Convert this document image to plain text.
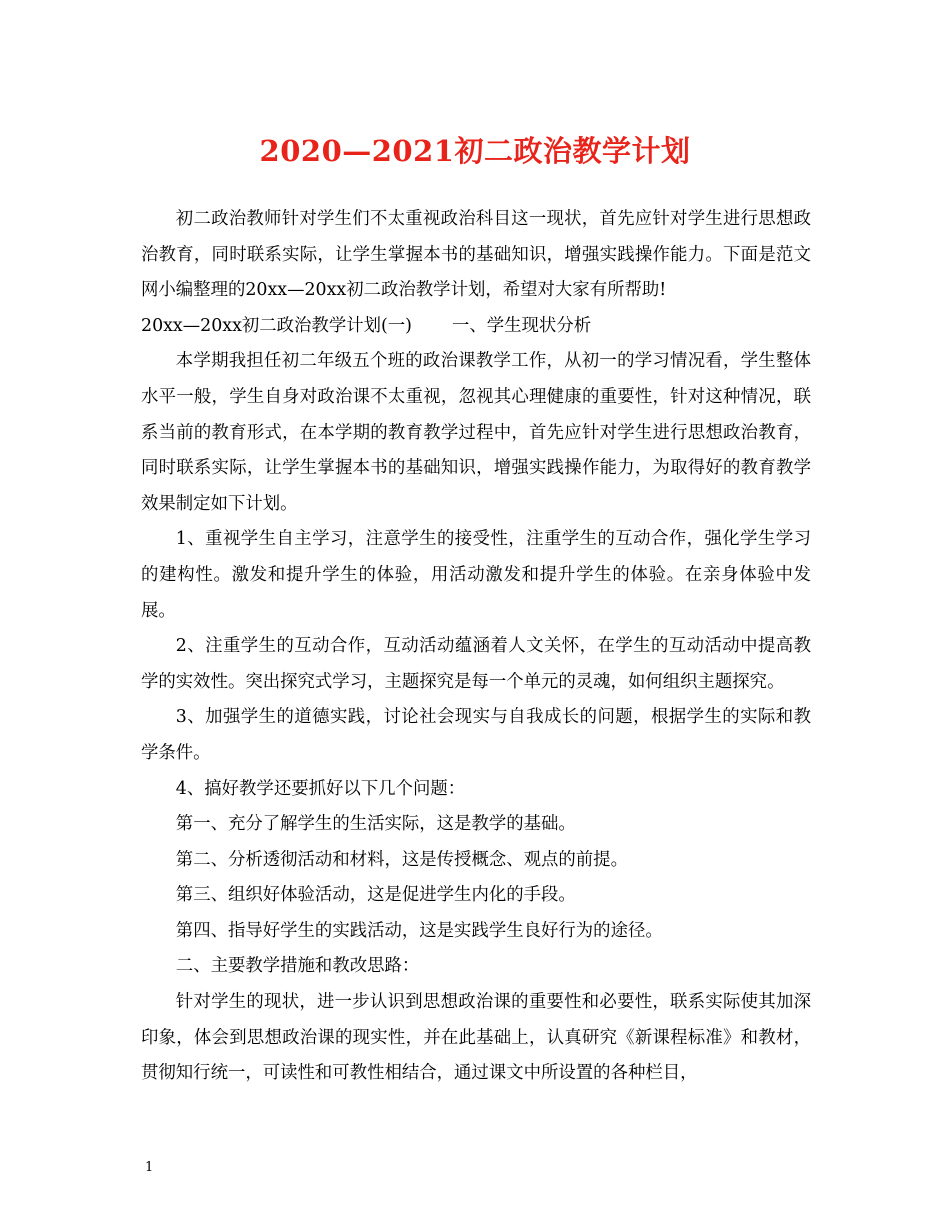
2020—2021初二政治教学计划

初二政治教师针对学生们不太重视政治科目这一现状，首先应针对学生进行思想政治教育，同时联系实际，让学生掌握本书的基础知识，增强实践操作能力。下面是范文网小编整理的20xx—20xx初二政治教学计划，希望对大家有所帮助!

20xx—20xx初二政治教学计划(一) 一、学生现状分析

本学期我担任初二年级五个班的政治课教学工作，从初一的学习情况看，学生整体水平一般，学生自身对政治课不太重视，忽视其心理健康的重要性，针对这种情况，联系当前的教育形式，在本学期的教育教学过程中，首先应针对学生进行思想政治教育，同时联系实际，让学生掌握本书的基础知识，增强实践操作能力，为取得好的教育教学效果制定如下计划。

1、重视学生自主学习，注意学生的接受性，注重学生的互动合作，强化学生学习的建构性。激发和提升学生的体验，用活动激发和提升学生的体验。在亲身体验中发展。

2、注重学生的互动合作，互动活动蕴涵着人文关怀，在学生的互动活动中提高教学的实效性。突出探究式学习，主题探究是每一个单元的灵魂，如何组织主题探究。

3、加强学生的道德实践，讨论社会现实与自我成长的问题，根据学生的实际和教学条件。

4、搞好教学还要抓好以下几个问题：

第一、充分了解学生的生活实际，这是教学的基础。

第二、分析透彻活动和材料，这是传授概念、观点的前提。

第三、组织好体验活动，这是促进学生内化的手段。

第四、指导好学生的实践活动，这是实践学生良好行为的途径。

二、主要教学措施和教改思路：

针对学生的现状，进一步认识到思想政治课的重要性和必要性，联系实际使其加深印象，体会到思想政治课的现实性，并在此基础上，认真研究《新课程标准》和教材，贯彻知行统一，可读性和可教性相结合，通过课文中所设置的各种栏目，

1
